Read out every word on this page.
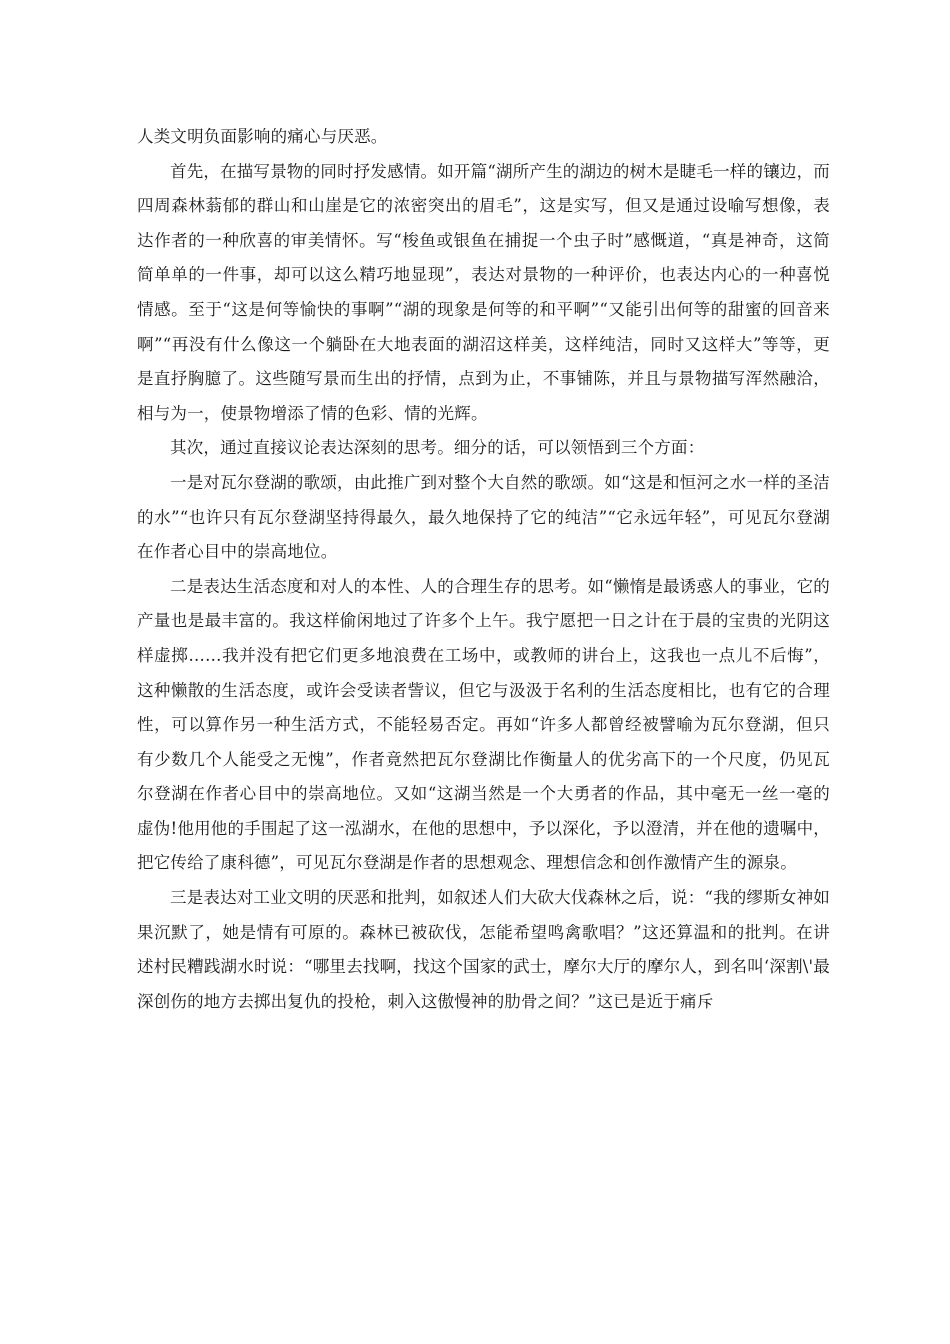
人类文明负面影响的痛心与厌恶。

首先，在描写景物的同时抒发感情。如开篇“湖所产生的湖边的树木是睫毛一样的镶边，而四周森林蓊郁的群山和山崖是它的浓密突出的眉毛”，这是实写，但又是通过设喻写想像，表达作者的一种欣喜的审美情怀。写“梭鱼或银鱼在捕捉一个虫子时”感慨道，“真是神奇，这简简单单的一件事，却可以这么精巧地显现”，表达对景物的一种评价，也表达内心的一种喜悦情感。至于“这是何等愉快的事啊”“湖的现象是何等的和平啊”“又能引出何等的甜蜜的回音来啊”“再没有什么像这一个躺卧在大地表面的湖沼这样美，这样纯洁，同时又这样大”等等，更是直抒胸臆了。这些随写景而生出的抒情，点到为止，不事铺陈，并且与景物描写浑然融洽，相与为一，使景物增添了情的色彩、情的光辉。

其次，通过直接议论表达深刻的思考。细分的话，可以领悟到三个方面：

一是对瓦尔登湖的歌颂，由此推广到对整个大自然的歌颂。如“这是和恒河之水一样的圣洁的水”“也许只有瓦尔登湖坚持得最久，最久地保持了它的纯洁”“它永远年轻”，可见瓦尔登湖在作者心目中的崇高地位。

二是表达生活态度和对人的本性、人的合理生存的思考。如“懒惰是最诱惑人的事业，它的产量也是最丰富的。我这样偷闲地过了许多个上午。我宁愿把一日之计在于晨的宝贵的光阴这样虚掷……我并没有把它们更多地浪费在工场中，或教师的讲台上，这我也一点儿不后悔”，这种懒散的生活态度，或许会受读者訾议，但它与汲汲于名利的生活态度相比，也有它的合理性，可以算作另一种生活方式，不能轻易否定。再如“许多人都曾经被譬喻为瓦尔登湖，但只有少数几个人能受之无愧”，作者竟然把瓦尔登湖比作衡量人的优劣高下的一个尺度，仍见瓦尔登湖在作者心目中的崇高地位。又如“这湖当然是一个大勇者的作品，其中毫无一丝一毫的虚伪!他用他的手围起了这一泓湖水，在他的思想中，予以深化，予以澄清，并在他的遗嘱中，把它传给了康科德”，可见瓦尔登湖是作者的思想观念、理想信念和创作激情产生的源泉。

三是表达对工业文明的厌恶和批判，如叙述人们大砍大伐森林之后，说：“我的缪斯女神如果沉默了，她是情有可原的。森林已被砍伐，怎能希望鸣禽歌唱？”这还算温和的批判。在讲述村民糟践湖水时说：“哪里去找啊，找这个国家的武士，摩尔大厅的摩尔人，到名叫‘深割\'最深创伤的地方去掷出复仇的投枪，刺入这傲慢神的肋骨之间？”这已是近于痛斥
